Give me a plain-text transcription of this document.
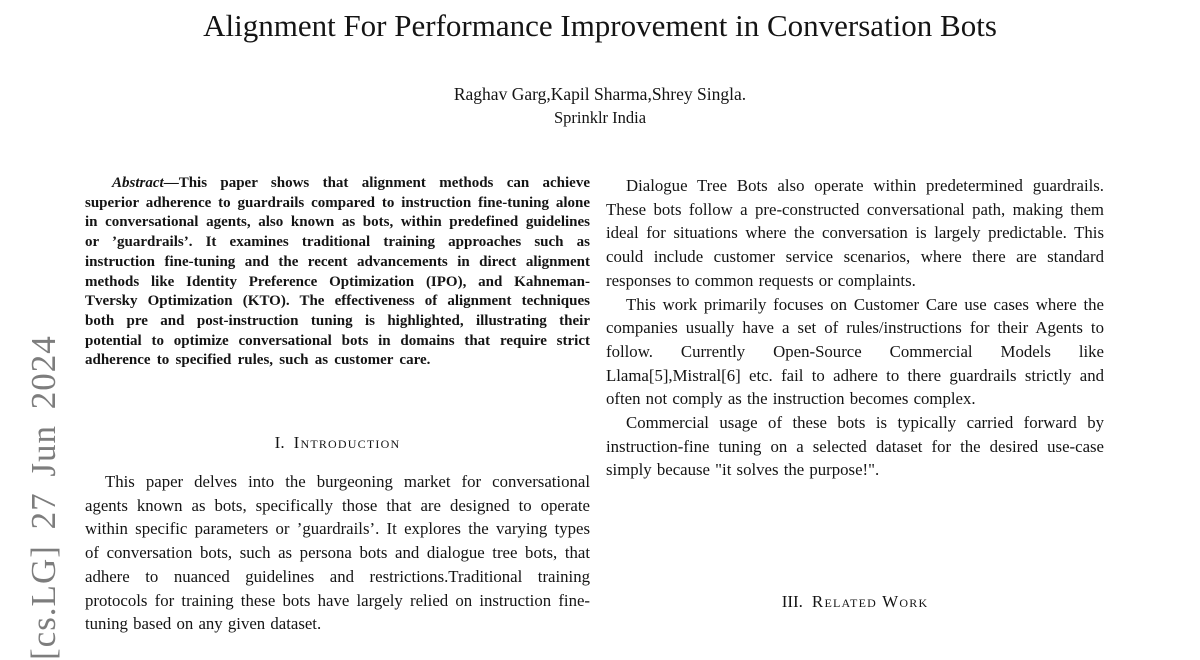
[cs.LG] 27 Jun 2024
Alignment For Performance Improvement in Conversation Bots
Raghav Garg,Kapil Sharma,Shrey Singla.
Sprinklr India
Abstract—This paper shows that alignment methods can achieve superior adherence to guardrails compared to instruction fine-tuning alone in conversational agents, also known as bots, within predefined guidelines or ’guardrails’. It examines traditional training approaches such as instruction fine-tuning and the recent advancements in direct alignment methods like Identity Preference Optimization (IPO), and Kahneman-Tversky Optimization (KTO). The effectiveness of alignment techniques both pre and post-instruction tuning is highlighted, illustrating their potential to optimize conversational bots in domains that require strict adherence to specified rules, such as customer care.
I. Introduction
This paper delves into the burgeoning market for conversational agents known as bots, specifically those that are designed to operate within specific parameters or ’guardrails’. It explores the varying types of conversation bots, such as persona bots and dialogue tree bots, that adhere to nuanced guidelines and restrictions.Traditional training protocols for training these bots have largely relied on instruction fine-tuning based on any given dataset.

Dialogue Tree Bots also operate within predetermined guardrails. These bots follow a pre-constructed conversational path, making them ideal for situations where the conversation is largely predictable. This could include customer service scenarios, where there are standard responses to common requests or complaints.

This work primarily focuses on Customer Care use cases where the companies usually have a set of rules/instructions for their Agents to follow. Currently Open-Source Commercial Models like Llama[5],Mistral[6] etc. fail to adhere to there guardrails strictly and often not comply as the instruction becomes complex.

Commercial usage of these bots is typically carried forward by instruction-fine tuning on a selected dataset for the desired use-case simply because "it solves the purpose!".

III. Related Work
